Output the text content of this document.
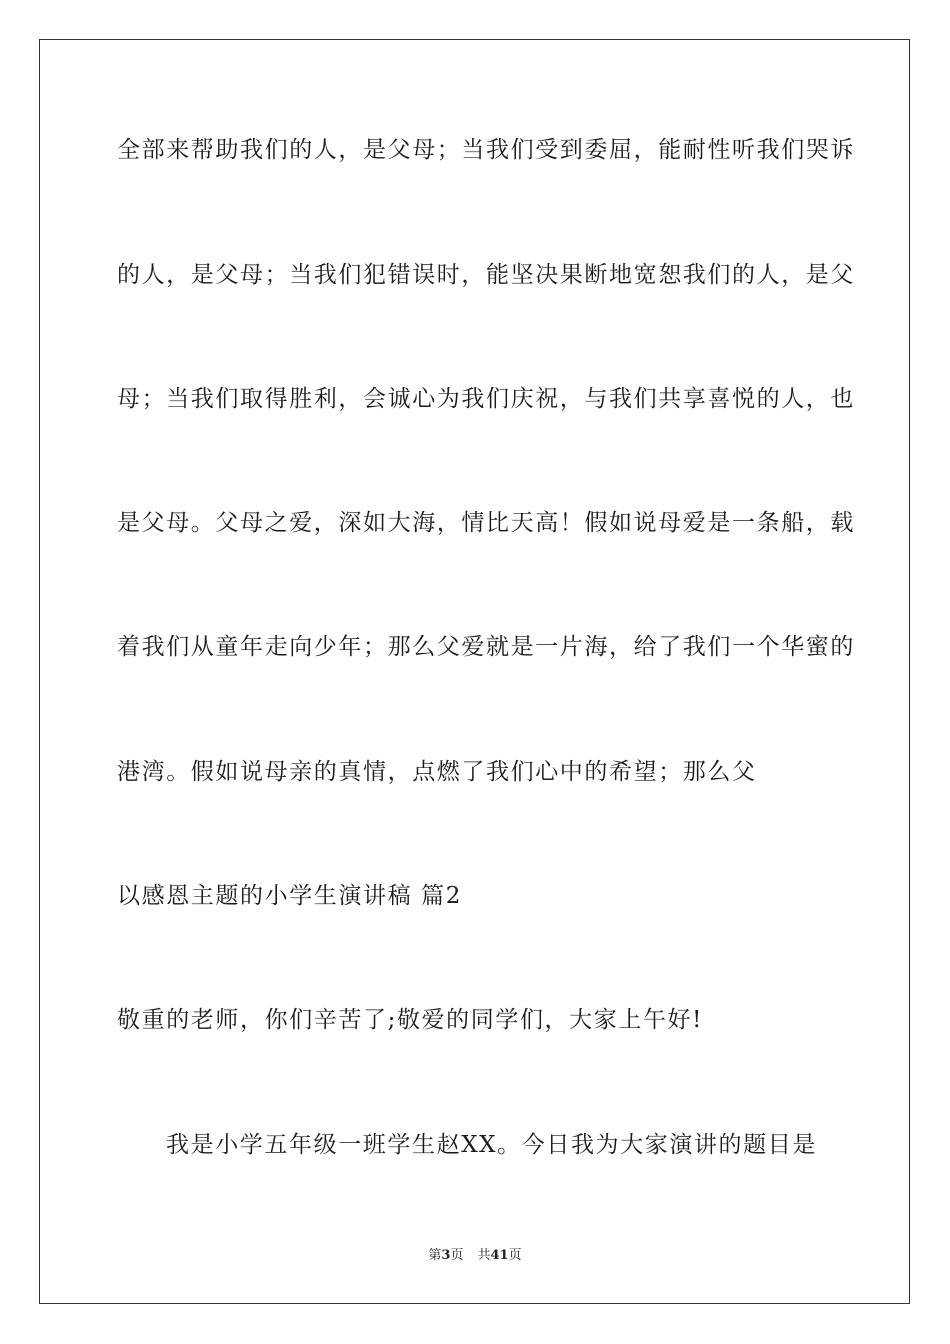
全部来帮助我们的人，是父母；当我们受到委屈，能耐性听我们哭诉
的人，是父母；当我们犯错误时，能坚决果断地宽恕我们的人，是父
母；当我们取得胜利，会诚心为我们庆祝，与我们共享喜悦的人，也
是父母。父母之爱，深如大海，情比天高！假如说母爱是一条船，载
着我们从童年走向少年；那么父爱就是一片海，给了我们一个华蜜的
港湾。假如说母亲的真情，点燃了我们心中的希望；那么父
以感恩主题的小学生演讲稿 篇2
敬重的老师，你们辛苦了;敬爱的同学们，大家上午好!
我是小学五年级一班学生赵XX。今日我为大家演讲的题目是
第3页 共41页
